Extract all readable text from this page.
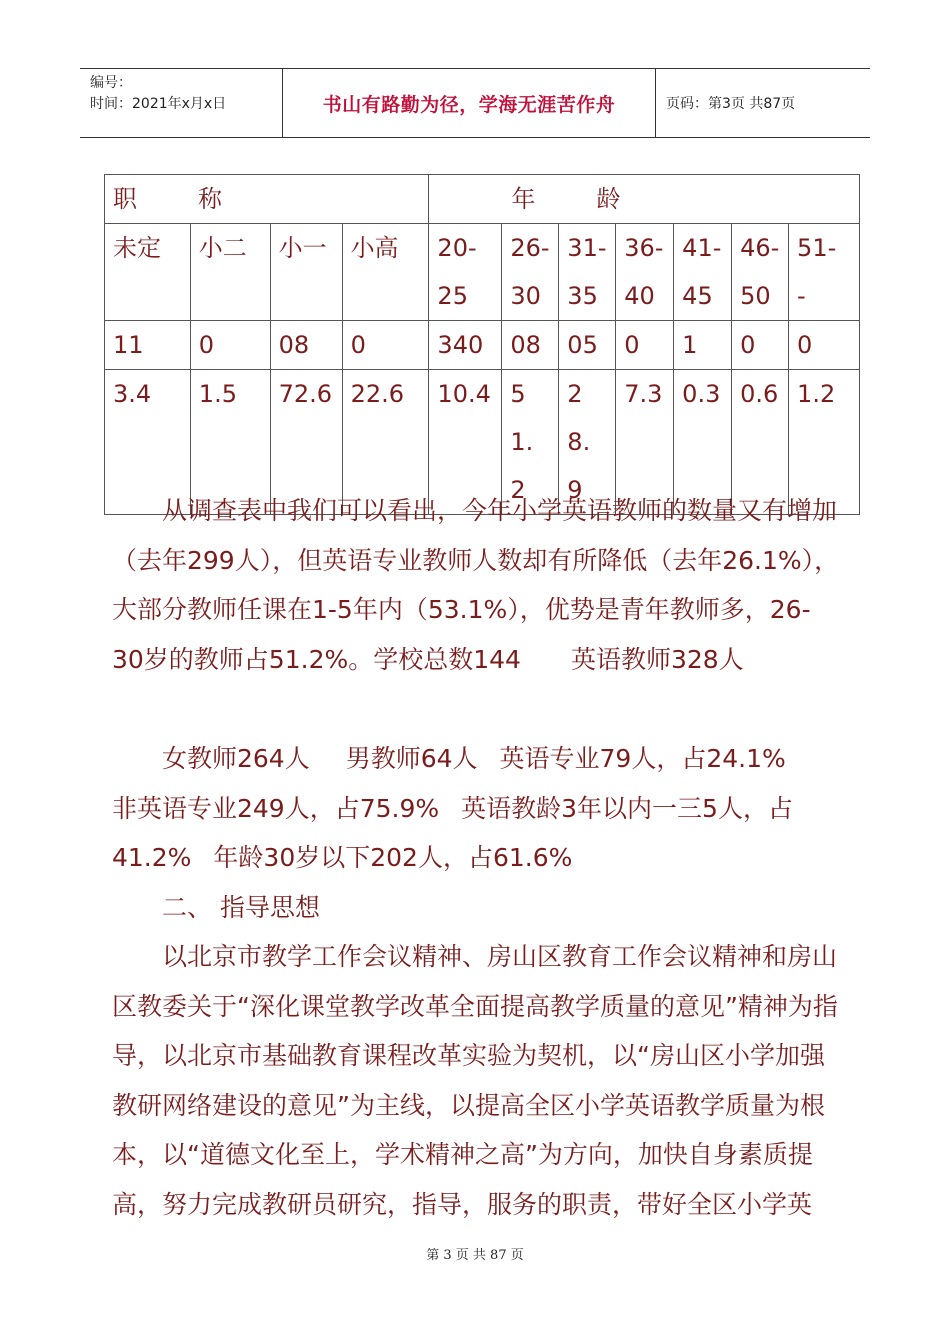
编号：
时间：2021年x月x日	书山有路勤为径，学海无涯苦作舟	页码：第3页 共87页
职        称				年        龄						
未定	小二	小一	小高	20-25	26-30	31-35	36-40	41-45	46-50	51--
11	0	08	0	340	08	05	0	1	0	0
3.4	1.5	72.6	22.6	10.4	51.2	28.9	7.3	0.3	0.6	1.2
从调查表中我们可以看出，今年小学英语教师的数量又有增加（去年299人），但英语专业教师人数却有所降低（去年26.1%），大部分教师任课在1-5年内（53.1%），优势是青年教师多，26-30岁的教师占51.2%。学校总数144　　英语教师328人
女教师264人 男教师64人 英语专业79人，占24.1%
非英语专业249人，占75.9% 英语教龄3年以内一三5人，占
41.2% 年龄30岁以下202人，占61.6%
二、 指导思想
以北京市教学工作会议精神、房山区教育工作会议精神和房山区教委关于“深化课堂教学改革全面提高教学质量的意见”精神为指导，以北京市基础教育课程改革实验为契机，以“房山区小学加强教研网络建设的意见”为主线，以提高全区小学英语教学质量为根本，以“道德文化至上，学术精神之高”为方向，加快自身素质提高，努力完成教研员研究，指导，服务的职责，带好全区小学英
第 3 页 共 87 页
